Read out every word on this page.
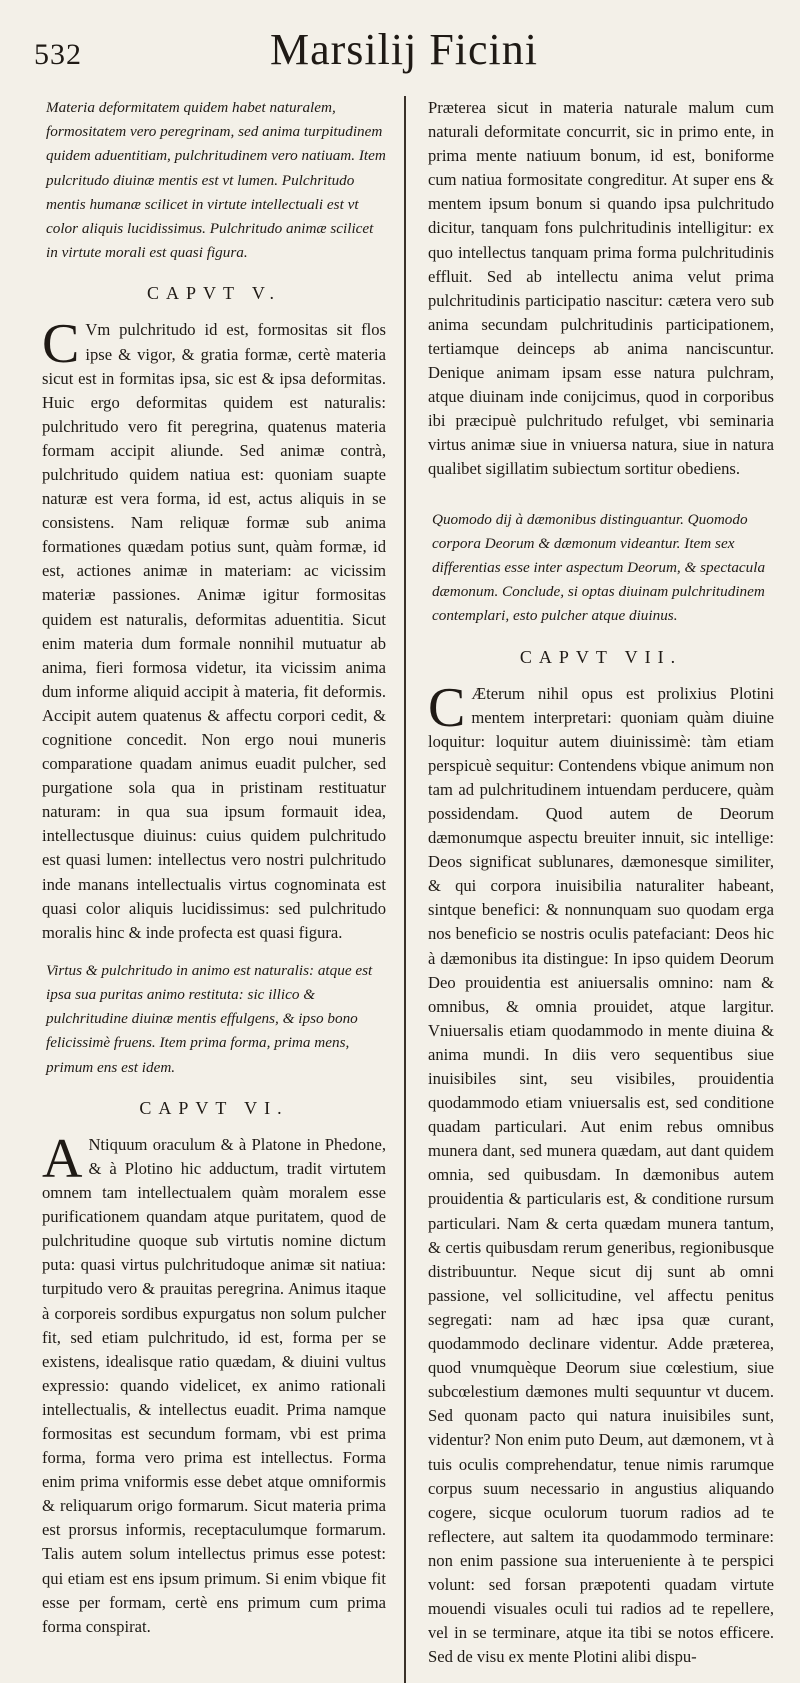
532	Marsilij Ficini

Materia deformitatem quidem habet naturalem, formositatem vero peregrinam, sed anima turpitudinem quidem aduentitiam, pulchritudinem vero natiuam. Item pulcritudo diuinæ mentis est vt lumen. Pulchritudo mentis humanæ scilicet in virtute intellectuali est vt color aliquis lucidissimus. Pulchritudo animæ scilicet in virtute morali est quasi figura.

CAPVT V.

C Vm pulchritudo id est, formositas sit flos ipse & vigor, & gratia formæ, certè materia sicut est in formitas ipsa, sic est & ipsa deformitas. Huic ergo deformitas quidem est naturalis: pulchritudo vero fit peregrina, quatenus materia formam accipit aliunde. Sed animæ contrà, pulchritudo quidem natiua est: quoniam suapte naturæ est vera forma, id est, actus aliquis in se consistens. Nam reliquæ formæ sub anima formationes quædam potius sunt, quàm formæ, id est, actiones animæ in materiam: ac vicissim materiæ passiones. Animæ igitur formositas quidem est naturalis, deformitas aduentitia. Sicut enim materia dum formale nonnihil mutuatur ab anima, fieri formosa videtur, ita vicissim anima dum informe aliquid accipit à materia, fit deformis. Accipit autem quatenus & affectu corpori cedit, & cognitione concedit. Non ergo noui muneris comparatione quadam animus euadit pulcher, sed purgatione sola qua in pristinam restituatur naturam: in qua sua ipsum formauit idea, intellectusque diuinus: cuius quidem pulchritudo est quasi lumen: intellectus vero nostri pulchritudo inde manans intellectualis virtus cognominata est quasi color aliquis lucidissimus: sed pulchritudo moralis hinc & inde profecta est quasi figura.

Virtus & pulchritudo in animo est naturalis: atque est ipsa sua puritas animo restituta: sic illico & pulchritudine diuinæ mentis effulgens, & ipso bono felicissimè fruens. Item prima forma, prima mens, primum ens est idem.

CAPVT VI.

A Ntiquum oraculum & à Platone in Phedone, & à Plotino hic adductum, tradit virtutem omnem tam intellectualem quàm moralem esse purificationem quandam atque puritatem, quod de pulchritudine quoque sub virtutis nomine dictum puta: quasi virtus pulchritudoque animæ sit natiua: turpitudo vero & prauitas peregrina. Animus itaque à corporeis sordibus expurgatus non solum pulcher fit, sed etiam pulchritudo, id est, forma per se existens, idealisque ratio quædam, & diuini vultus expressio: quando videlicet, ex animo rationali intellectualis, & intellectus euadit. Prima namque formositas est secundum formam, vbi est prima forma, forma vero prima est intellectus. Forma enim prima vniformis esse debet atque omniformis & reliquarum origo formarum. Sicut materia prima est prorsus informis, receptaculumque formarum. Talis autem solum intellectus primus esse potest: qui etiam est ens ipsum primum. Si enim vbique fit esse per formam, certè ens primum cum prima forma conspirat.

Præterea sicut in materia naturale malum cum naturali deformitate concurrit, sic in primo ente, in prima mente natiuum bonum, id est, boniforme cum natiua formositate congreditur. At super ens & mentem ipsum bonum si quando ipsa pulchritudo dicitur, tanquam fons pulchritudinis intelligitur: ex quo intellectus tanquam prima forma pulchritudinis effluit. Sed ab intellectu anima velut prima pulchritudinis participatio nascitur: cætera vero sub anima secundam pulchritudinis participationem, tertiamque deinceps ab anima nanciscuntur. Denique animam ipsam esse natura pulchram, atque diuinam inde conijcimus, quod in corporibus ibi præcipuè pulchritudo refulget, vbi seminaria virtus animæ siue in vniuersa natura, siue in natura qualibet sigillatim subiectum sortitur obediens.

Quomodo dij à dæmonibus distinguantur. Quomodo corpora Deorum & dæmonum videantur. Item sex differentias esse inter aspectum Deorum, & spectacula dæmonum. Conclude, si optas diuinam pulchritudinem contemplari, esto pulcher atque diuinus.

CAPVT VII.

C Æterum nihil opus est prolixius Plotini mentem interpretari: quoniam quàm diuine loquitur: loquitur autem diuinissimè: tàm etiam perspicuè sequitur: Contendens vbique animum non tam ad pulchritudinem intuendam perducere, quàm possidendam. Quod autem de Deorum dæmonumque aspectu breuiter innuit, sic intellige: Deos significat sublunares, dæmonesque similiter, & qui corpora inuisibilia naturaliter habeant, sintque benefici: & nonnunquam suo quodam erga nos beneficio se nostris oculis patefaciant: Deos hic à dæmonibus ita distingue: In ipso quidem Deorum Deo prouidentia est aniuersalis omnino: nam & omnibus, & omnia prouidet, atque largitur. Vniuersalis etiam quodammodo in mente diuina & anima mundi. In diis vero sequentibus siue inuisibiles sint, seu visibiles, prouidentia quodammodo etiam vniuersalis est, sed conditione quadam particulari. Aut enim rebus omnibus munera dant, sed munera quædam, aut dant quidem omnia, sed quibusdam. In dæmonibus autem prouidentia & particularis est, & conditione rursum particulari. Nam & certa quædam munera tantum, & certis quibusdam rerum generibus, regionibusque distribuuntur. Neque sicut dij sunt ab omni passione, vel sollicitudine, vel affectu penitus segregati: nam ad hæc ipsa quæ curant, quodammodo declinare videntur. Adde præterea, quod vnumquèque Deorum siue cœlestium, siue subcœlestium dæmones multi sequuntur vt ducem. Sed quonam pacto qui natura inuisibiles sunt, videntur? Non enim puto Deum, aut dæmonem, vt à tuis oculis comprehendatur, tenue nimis rarumque corpus suum necessario in angustius aliquando cogere, sicque oculorum tuorum radios ad te reflectere, aut saltem ita quodammodo terminare: non enim passione sua interueniente à te perspici volunt: sed forsan præpotenti quadam virtute mouendi visuales oculi tui radios ad te repellere, vel in se terminare, atque ita tibi se notos efficere. Sed de visu ex mente Plotini alibi dispu-
